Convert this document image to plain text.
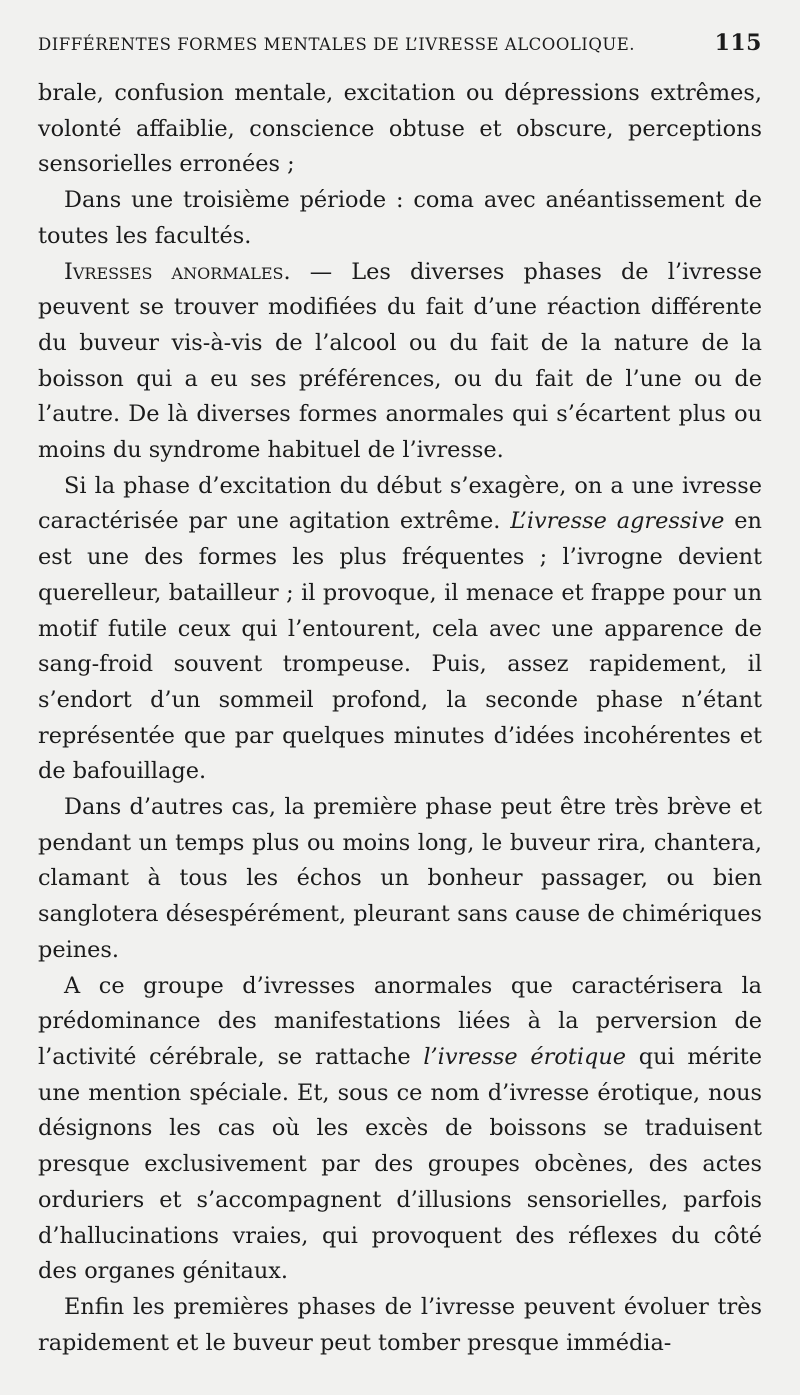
DIFFÉRENTES FORMES MENTALES DE L’IVRESSE ALCOOLIQUE.	115

brale, confusion mentale, excitation ou dépressions extrêmes, volonté affaiblie, conscience obtuse et obscure, perceptions sensorielles erronées ;

Dans une troisième période : coma avec anéantissement de toutes les facultés.

Ivresses anormales. — Les diverses phases de l’ivresse peuvent se trouver modifiées du fait d’une réaction différente du buveur vis-à-vis de l’alcool ou du fait de la nature de la boisson qui a eu ses préférences, ou du fait de l’une ou de l’autre. De là diverses formes anormales qui s’écartent plus ou moins du syndrome habituel de l’ivresse.

Si la phase d’excitation du début s’exagère, on a une ivresse caractérisée par une agitation extrême. L’ivresse agressive en est une des formes les plus fréquentes ; l’ivrogne devient querelleur, batailleur ; il provoque, il menace et frappe pour un motif futile ceux qui l’entourent, cela avec une apparence de sang-froid souvent trompeuse. Puis, assez rapidement, il s’endort d’un sommeil profond, la seconde phase n’étant représentée que par quelques minutes d’idées incohérentes et de bafouillage.

Dans d’autres cas, la première phase peut être très brève et pendant un temps plus ou moins long, le buveur rira, chantera, clamant à tous les échos un bonheur passager, ou bien sanglotera désespérément, pleurant sans cause de chimériques peines.

A ce groupe d’ivresses anormales que caractérisera la prédominance des manifestations liées à la perversion de l’activité cérébrale, se rattache l’ivresse érotique qui mérite une mention spéciale. Et, sous ce nom d’ivresse érotique, nous désignons les cas où les excès de boissons se traduisent presque exclusivement par des groupes obcènes, des actes orduriers et s’accompagnent d’illusions sensorielles, parfois d’hallucinations vraies, qui provoquent des réflexes du côté des organes génitaux.

Enfin les premières phases de l’ivresse peuvent évoluer très rapidement et le buveur peut tomber presque immédia-
